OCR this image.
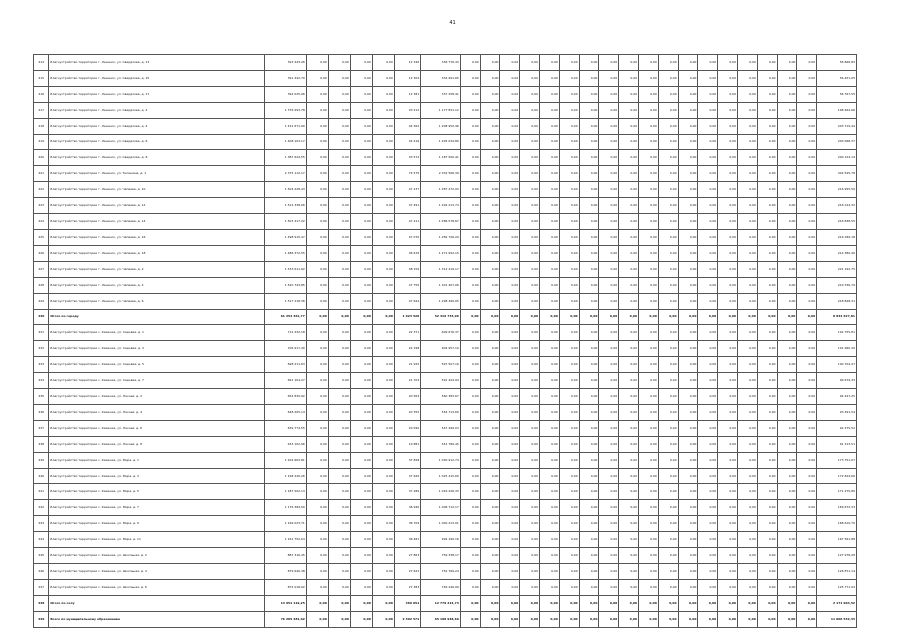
41
414	Благоустройство территории г. Ленинск, ул. Свердлова, д. 13	393 443,26	0,00	0,00	0,00	0,00	12 346	336 776,43	0,00	0,00	0,00	0,00	0,00	0,00	0,00	0,00	0,00	0,00	0,00	0,00	0,00	0,00	0,00	0,00	0,00	0,00	56 666,83
415	Благоустройство территории г. Ленинск, ул. Свердлова, д. 15	391 442,70	0,00	0,00	0,00	0,00	12 304	334 991,65	0,00	0,00	0,00	0,00	0,00	0,00	0,00	0,00	0,00	0,00	0,00	0,00	0,00	0,00	0,00	0,00	0,00	0,00	56 451,05
416	Благоустройство территории г. Ленинск, ул. Свердлова, д. 17	394 025,96	0,00	0,00	0,00	0,00	12 381	337 258,41	0,00	0,00	0,00	0,00	0,00	0,00	0,00	0,00	0,00	0,00	0,00	0,00	0,00	0,00	0,00	0,00	0,00	0,00	56 767,55
417	Благоустройство территории г. Ленинск, ул. Свердлова, д. 2	1 376 293,78	0,00	0,00	0,00	0,00	43 212	1 177 831,12	0,00	0,00	0,00	0,00	0,00	0,00	0,00	0,00	0,00	0,00	0,00	0,00	0,00	0,00	0,00	0,00	0,00	0,00	198 462,66
418	Благоустройство территории г. Ленинск, ул. Свердлова, д. 4	1 412 671,90	0,00	0,00	0,00	0,00	44 362	1 208 952,46	0,00	0,00	0,00	0,00	0,00	0,00	0,00	0,00	0,00	0,00	0,00	0,00	0,00	0,00	0,00	0,00	0,00	0,00	203 719,44
419	Благоустройство территории г. Ленинск, ул. Свердлова, д. 6	1 408 103,17	0,00	0,00	0,00	0,00	44 216	1 205 034,80	0,00	0,00	0,00	0,00	0,00	0,00	0,00	0,00	0,00	0,00	0,00	0,00	0,00	0,00	0,00	0,00	0,00	0,00	203 068,37
420	Благоустройство территории г. Ленинск, ул. Свердлова, д. 8	1 387 624,55	0,00	0,00	0,00	0,00	43 574	1 187 500,41	0,00	0,00	0,00	0,00	0,00	0,00	0,00	0,00	0,00	0,00	0,00	0,00	0,00	0,00	0,00	0,00	0,00	0,00	200 124,14
421	Благоустройство территории г. Ленинск, ул. Тюленина, д. 1	2 375 112,17	0,00	0,00	0,00	0,00	74 575	2 032 566,39	0,00	0,00	0,00	0,00	0,00	0,00	0,00	0,00	0,00	0,00	0,00	0,00	0,00	0,00	0,00	0,00	0,00	0,00	342 545,78
422	Благоустройство территории г. Ленинск, ул. Чапаева, д. 10	1 504 228,43	0,00	0,00	0,00	0,00	47 237	1 287 272,93	0,00	0,00	0,00	0,00	0,00	0,00	0,00	0,00	0,00	0,00	0,00	0,00	0,00	0,00	0,00	0,00	0,00	0,00	216 955,50
423	Благоустройство территории г. Ленинск, ул. Чапаева, д. 12	1 512 338,06	0,00	0,00	0,00	0,00	47 491	1 294 213,74	0,00	0,00	0,00	0,00	0,00	0,00	0,00	0,00	0,00	0,00	0,00	0,00	0,00	0,00	0,00	0,00	0,00	0,00	218 124,32
424	Благоустройство территории г. Ленинск, ул. Чапаева, д. 14	1 503 417,22	0,00	0,00	0,00	0,00	47 211	1 286 578,67	0,00	0,00	0,00	0,00	0,00	0,00	0,00	0,00	0,00	0,00	0,00	0,00	0,00	0,00	0,00	0,00	0,00	0,00	216 838,55
425	Благоустройство территории г. Ленинск, ул. Чапаева, д. 16	1 498 915,47	0,00	0,00	0,00	0,00	47 070	1 282 726,29	0,00	0,00	0,00	0,00	0,00	0,00	0,00	0,00	0,00	0,00	0,00	0,00	0,00	0,00	0,00	0,00	0,00	0,00	216 189,18
426	Благоустройство территории г. Ленинск, ул. Чапаева, д. 18	1 486 372,55	0,00	0,00	0,00	0,00	46 676	1 271 992,15	0,00	0,00	0,00	0,00	0,00	0,00	0,00	0,00	0,00	0,00	0,00	0,00	0,00	0,00	0,00	0,00	0,00	0,00	214 380,40
427	Благоустройство территории г. Ленинск, ул. Чапаева, д. 2	1 533 611,92	0,00	0,00	0,00	0,00	48 159	1 312 419,17	0,00	0,00	0,00	0,00	0,00	0,00	0,00	0,00	0,00	0,00	0,00	0,00	0,00	0,00	0,00	0,00	0,00	0,00	221 192,75
428	Благоустройство территории г. Ленинск, ул. Чапаева, д. 4	1 520 743,85	0,00	0,00	0,00	0,00	47 755	1 301 407,06	0,00	0,00	0,00	0,00	0,00	0,00	0,00	0,00	0,00	0,00	0,00	0,00	0,00	0,00	0,00	0,00	0,00	0,00	219 336,79
429	Благоустройство территории г. Ленинск, ул. Чапаева, д. 6	1 517 218,36	0,00	0,00	0,00	0,00	47 644	1 298 390,05	0,00	0,00	0,00	0,00	0,00	0,00	0,00	0,00	0,00	0,00	0,00	0,00	0,00	0,00	0,00	0,00	0,00	0,00	218 828,31
430	Итого по городу	61 254 361,77	0,00	0,00	0,00	0,00	1 923 520	52 419 733,96	0,00	0,00	0,00	0,00	0,00	0,00	0,00	0,00	0,00	0,00	0,00	0,00	0,00	0,00	0,00	0,00	0,00	0,00	8 834 627,81
431	Благоустройство территории с. Каменка, ул. Садовая, д. 1	712 432,18	0,00	0,00	0,00	0,00	22 371	609 676,37	0,00	0,00	0,00	0,00	0,00	0,00	0,00	0,00	0,00	0,00	0,00	0,00	0,00	0,00	0,00	0,00	0,00	0,00	102 755,81
432	Благоустройство территории с. Каменка, ул. Садовая, д. 3	706 917,40	0,00	0,00	0,00	0,00	22 198	604 957,10	0,00	0,00	0,00	0,00	0,00	0,00	0,00	0,00	0,00	0,00	0,00	0,00	0,00	0,00	0,00	0,00	0,00	0,00	101 960,30
433	Благоустройство территории с. Каменка, ул. Садовая, д. 5	698 211,63	0,00	0,00	0,00	0,00	21 925	597 507,16	0,00	0,00	0,00	0,00	0,00	0,00	0,00	0,00	0,00	0,00	0,00	0,00	0,00	0,00	0,00	0,00	0,00	0,00	100 704,47
434	Благоустройство территории с. Каменка, ул. Садовая, д. 7	691 104,27	0,00	0,00	0,00	0,00	21 702	591 424,94	0,00	0,00	0,00	0,00	0,00	0,00	0,00	0,00	0,00	0,00	0,00	0,00	0,00	0,00	0,00	0,00	0,00	0,00	99 679,33
435	Благоустройство территории с. Каменка, ул. Лесная, д. 2	654 830,92	0,00	0,00	0,00	0,00	20 563	560 383,67	0,00	0,00	0,00	0,00	0,00	0,00	0,00	0,00	0,00	0,00	0,00	0,00	0,00	0,00	0,00	0,00	0,00	0,00	94 447,25
436	Благоустройство территории с. Каменка, ул. Лесная, д. 4	648 205,14	0,00	0,00	0,00	0,00	20 355	554 713,60	0,00	0,00	0,00	0,00	0,00	0,00	0,00	0,00	0,00	0,00	0,00	0,00	0,00	0,00	0,00	0,00	0,00	0,00	93 491,54
437	Благоустройство территории с. Каменка, ул. Лесная, д. 6	639 774,55	0,00	0,00	0,00	0,00	20 090	547 499,03	0,00	0,00	0,00	0,00	0,00	0,00	0,00	0,00	0,00	0,00	0,00	0,00	0,00	0,00	0,00	0,00	0,00	0,00	92 275,52
438	Благоустройство территории с. Каменка, ул. Лесная, д. 8	633 102,96	0,00	0,00	0,00	0,00	19 881	541 789,45	0,00	0,00	0,00	0,00	0,00	0,00	0,00	0,00	0,00	0,00	0,00	0,00	0,00	0,00	0,00	0,00	0,00	0,00	91 313,51
439	Благоустройство территории с. Каменка, ул. Мира, д. 1	1 204 663,81	0,00	0,00	0,00	0,00	37 828	1 030 912,74	0,00	0,00	0,00	0,00	0,00	0,00	0,00	0,00	0,00	0,00	0,00	0,00	0,00	0,00	0,00	0,00	0,00	0,00	173 751,07
440	Благоустройство территории с. Каменка, ул. Мира, д. 3	1 198 240,26	0,00	0,00	0,00	0,00	37 626	1 025 415,60	0,00	0,00	0,00	0,00	0,00	0,00	0,00	0,00	0,00	0,00	0,00	0,00	0,00	0,00	0,00	0,00	0,00	0,00	172 824,66
441	Благоустройство территории с. Каменка, ул. Мира, д. 5	1 187 502,13	0,00	0,00	0,00	0,00	37 289	1 016 226,33	0,00	0,00	0,00	0,00	0,00	0,00	0,00	0,00	0,00	0,00	0,00	0,00	0,00	0,00	0,00	0,00	0,00	0,00	171 275,80
442	Благоустройство территории с. Каменка, ул. Мира, д. 7	1 176 384,50	0,00	0,00	0,00	0,00	36 940	1 006 712,17	0,00	0,00	0,00	0,00	0,00	0,00	0,00	0,00	0,00	0,00	0,00	0,00	0,00	0,00	0,00	0,00	0,00	0,00	169 672,33
443	Благоустройство территории с. Каменка, ул. Мира, д. 9	1 169 023,71	0,00	0,00	0,00	0,00	36 709	1 000 413,01	0,00	0,00	0,00	0,00	0,00	0,00	0,00	0,00	0,00	0,00	0,00	0,00	0,00	0,00	0,00	0,00	0,00	0,00	168 610,70
444	Благоустройство территории с. Каменка, ул. Мира, д. 11	1 161 752,04	0,00	0,00	0,00	0,00	36 481	994 190,16	0,00	0,00	0,00	0,00	0,00	0,00	0,00	0,00	0,00	0,00	0,00	0,00	0,00	0,00	0,00	0,00	0,00	0,00	167 561,88
445	Благоустройство территории с. Каменка, ул. Школьная, д. 2	887 316,45	0,00	0,00	0,00	0,00	27 863	759 338,17	0,00	0,00	0,00	0,00	0,00	0,00	0,00	0,00	0,00	0,00	0,00	0,00	0,00	0,00	0,00	0,00	0,00	0,00	127 978,28
446	Благоустройство территории с. Каменка, ул. Школьная, д. 4	879 640,38	0,00	0,00	0,00	0,00	27 622	752 769,24	0,00	0,00	0,00	0,00	0,00	0,00	0,00	0,00	0,00	0,00	0,00	0,00	0,00	0,00	0,00	0,00	0,00	0,00	126 871,14
447	Благоустройство территории с. Каменка, ул. Школьная, д. 6	872 018,92	0,00	0,00	0,00	0,00	27 383	746 246,99	0,00	0,00	0,00	0,00	0,00	0,00	0,00	0,00	0,00	0,00	0,00	0,00	0,00	0,00	0,00	0,00	0,00	0,00	125 771,93
448	Итого по селу	14 951 119,25	0,00	0,00	0,00	0,00	469 051	12 779 214,73	0,00	0,00	0,00	0,00	0,00	0,00	0,00	0,00	0,00	0,00	0,00	0,00	0,00	0,00	0,00	0,00	0,00	0,00	2 171 904,52
449	Всего по муниципальному образованию	76 205 481,02	0,00	0,00	0,00	0,00	2 392 571	65 198 948,69	0,00	0,00	0,00	0,00	0,00	0,00	0,00	0,00	0,00	0,00	0,00	0,00	0,00	0,00	0,00	0,00	0,00	0,00	11 006 532,33
